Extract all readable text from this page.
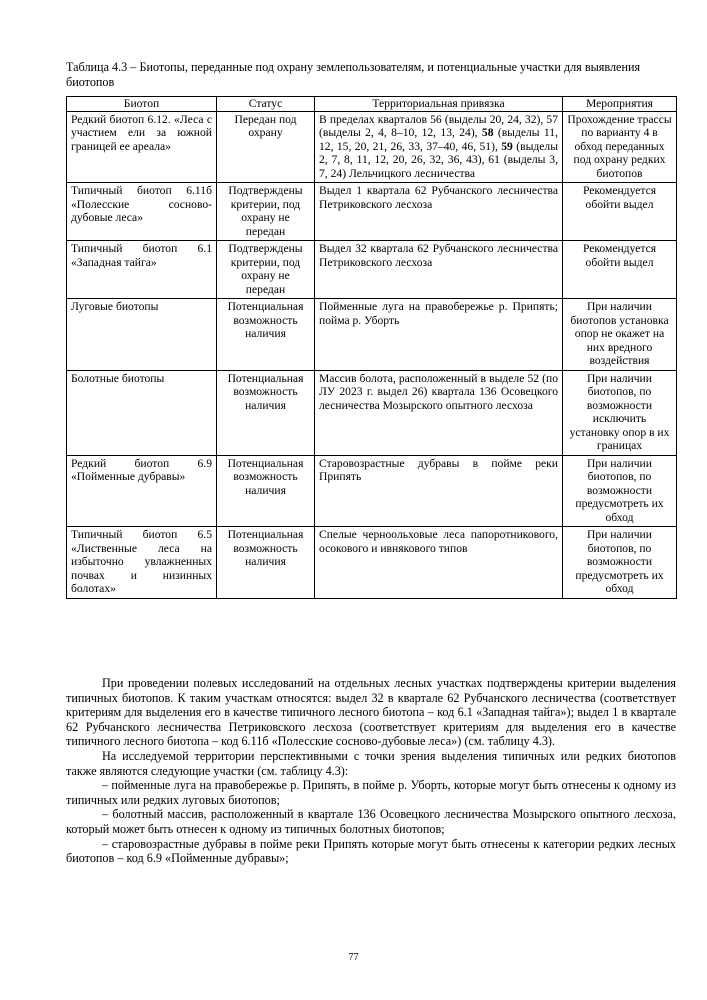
Таблица 4.3 – Биотопы, переданные под охрану землепользователям, и потенциальные участки для выявления биотопов
Биотоп	Статус	Территориальная привязка	Мероприятия
Редкий биотоп 6.12. «Леса с участием ели за южной границей ее ареала»	Передан под охрану	В пределах кварталов 56 (выделы 20, 24, 32), 57 (выделы 2, 4, 8–10, 12, 13, 24), 58 (выделы 11, 12, 15, 20, 21, 26, 33, 37–40, 46, 51), 59 (выделы 2, 7, 8, 11, 12, 20, 26, 32, 36, 43), 61 (выделы 3, 7, 24) Лельчицкого лесничества	Прохождение трассы по варианту 4 в обход переданных под охрану редких биотопов
Типичный биотоп 6.11б «Полесские сосново-дубовые леса»	Подтверждены критерии, под охрану не передан	Выдел 1 квартала 62 Рубчанского лесничества Петриковского лесхоза	Рекомендуется обойти выдел
Типичный биотоп 6.1 «Западная тайга»	Подтверждены критерии, под охрану не передан	Выдел 32 квартала 62 Рубчанского лесничества Петриковского лесхоза	Рекомендуется обойти выдел
Луговые биотопы	Потенциальная возможность наличия	Пойменные луга на правобережье р. Припять; пойма р. Уборть	При наличии биотопов установка опор не окажет на них вредного воздействия
Болотные биотопы	Потенциальная возможность наличия	Массив болота, расположенный в выделе 52 (по ЛУ 2023 г. выдел 26) квартала 136 Осовецкого лесничества Мозырского опытного лесхоза	При наличии биотопов, по возможности исключить установку опор в их границах
Редкий биотоп 6.9 «Пойменные дубравы»	Потенциальная возможность наличия	Старовозрастные дубравы в пойме реки Припять	При наличии биотопов, по возможности предусмотреть их обход
Типичный биотоп 6.5 «Лиственные леса на избыточно увлажненных почвах и низинных болотах»	Потенциальная возможность наличия	Спелые черноольховые леса папоротникового, осокового и ивнякового типов	При наличии биотопов, по возможности предусмотреть их обход

При проведении полевых исследований на отдельных лесных участках подтверждены критерии выделения типичных биотопов. К таким участкам относятся: выдел 32 в квартале 62 Рубчанского лесничества (соответствует критериям для выделения его в качестве типичного лесного биотопа – код 6.1 «Западная тайга»); выдел 1 в квартале 62 Рубчанского лесничества Петриковского лесхоза (соответствует критериям для выделения его в качестве типичного лесного биотопа – код 6.11б «Полесские сосново-дубовые леса») (см. таблицу 4.3).

На исследуемой территории перспективными с точки зрения выделения типичных или редких биотопов также являются следующие участки (см. таблицу 4.3):

– пойменные луга на правобережье р. Припять, в пойме р. Уборть, которые могут быть отнесены к одному из типичных или редких луговых биотопов;

– болотный массив, расположенный в квартале 136 Осовецкого лесничества Мозырского опытного лесхоза, который может быть отнесен к одному из типичных болотных биотопов;

– старовозрастные дубравы в пойме реки Припять которые могут быть отнесены к категории редких лесных биотопов – код 6.9 «Пойменные дубравы»;

77
